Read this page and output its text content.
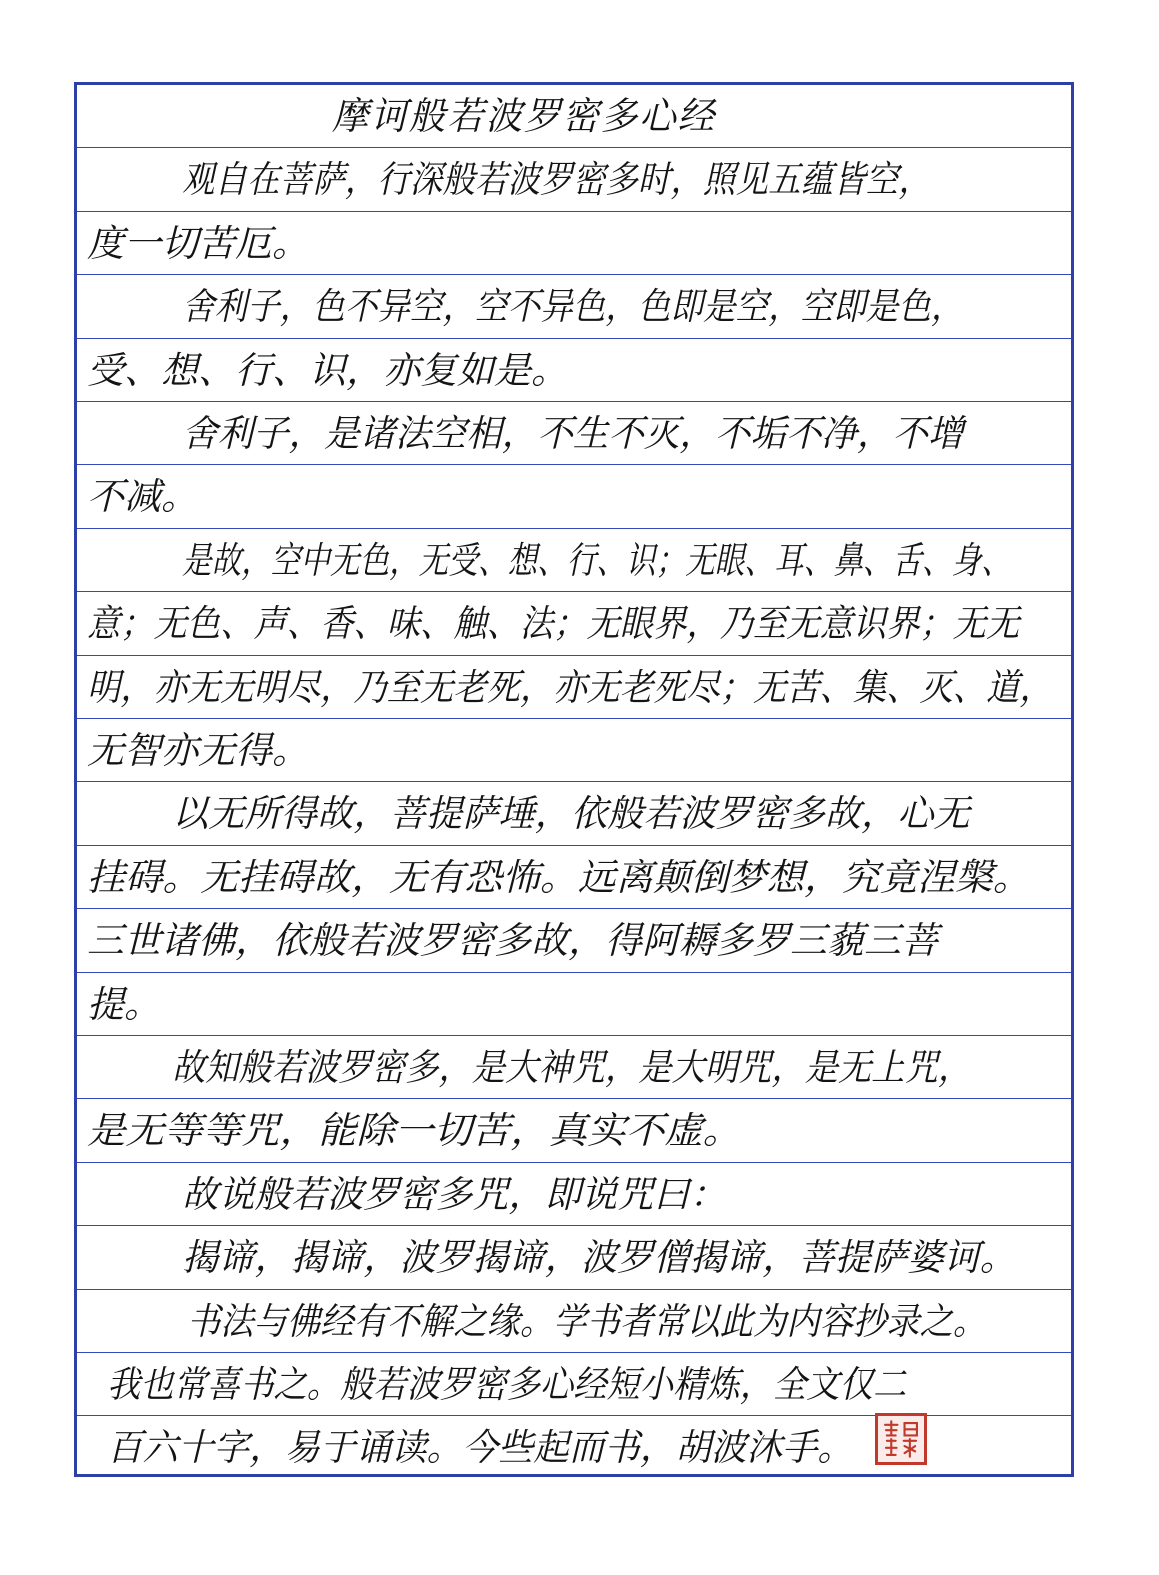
摩诃般若波罗密多心经
观自在菩萨，行深般若波罗密多时，照见五蕴皆空，
度一切苦厄。
舍利子，色不异空，空不异色，色即是空，空即是色，
受、想、行、识，亦复如是。
舍利子，是诸法空相，不生不灭，不垢不净，不增
不减。
是故，空中无色，无受、想、行、识；无眼、耳、鼻、舌、身、
意；无色、声、香、味、触、法；无眼界，乃至无意识界；无无
明，亦无无明尽，乃至无老死，亦无老死尽；无苦、集、灭、道，
无智亦无得。
以无所得故，菩提萨埵，依般若波罗密多故，心无
挂碍。无挂碍故，无有恐怖。远离颠倒梦想，究竟涅槃。
三世诸佛，依般若波罗密多故，得阿耨多罗三藐三菩
提。
故知般若波罗密多，是大神咒，是大明咒，是无上咒，
是无等等咒，能除一切苦，真实不虚。
故说般若波罗密多咒，即说咒曰：
揭谛，揭谛，波罗揭谛，波罗僧揭谛，菩提萨婆诃。
书法与佛经有不解之缘。学书者常以此为内容抄录之。
我也常喜书之。般若波罗密多心经短小精炼，全文仅二
百六十字，易于诵读。今些起而书，胡波沐手。
